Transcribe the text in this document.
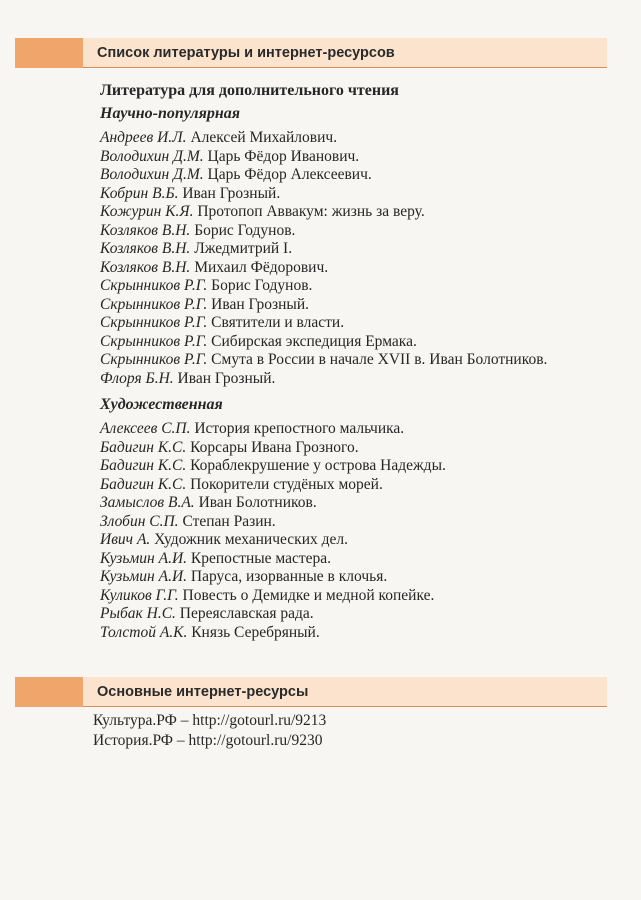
Список литературы и интернет-ресурсов
Литература для дополнительного чтения
Научно-популярная
Андреев И.Л. Алексей Михайлович.
Володихин Д.М. Царь Фёдор Иванович.
Володихин Д.М. Царь Фёдор Алексеевич.
Кобрин В.Б. Иван Грозный.
Кожурин К.Я. Протопоп Аввакум: жизнь за веру.
Козляков В.Н. Борис Годунов.
Козляков В.Н. Лжедмитрий I.
Козляков В.Н. Михаил Фёдорович.
Скрынников Р.Г. Борис Годунов.
Скрынников Р.Г. Иван Грозный.
Скрынников Р.Г. Святители и власти.
Скрынников Р.Г. Сибирская экспедиция Ермака.
Скрынников Р.Г. Смута в России в начале XVII в. Иван Болотников.
Флоря Б.Н. Иван Грозный.
Художественная
Алексеев С.П. История крепостного мальчика.
Бадигин К.С. Корсары Ивана Грозного.
Бадигин К.С. Кораблекрушение у острова Надежды.
Бадигин К.С. Покорители студёных морей.
Замыслов В.А. Иван Болотников.
Злобин С.П. Степан Разин.
Ивич А. Художник механических дел.
Кузьмин А.И. Крепостные мастера.
Кузьмин А.И. Паруса, изорванные в клочья.
Куликов Г.Г. Повесть о Демидке и медной копейке.
Рыбак Н.С. Переяславская рада.
Толстой А.К. Князь Серебряный.
Основные интернет-ресурсы
Культура.РФ – http://gotourl.ru/9213
История.РФ – http://gotourl.ru/9230
